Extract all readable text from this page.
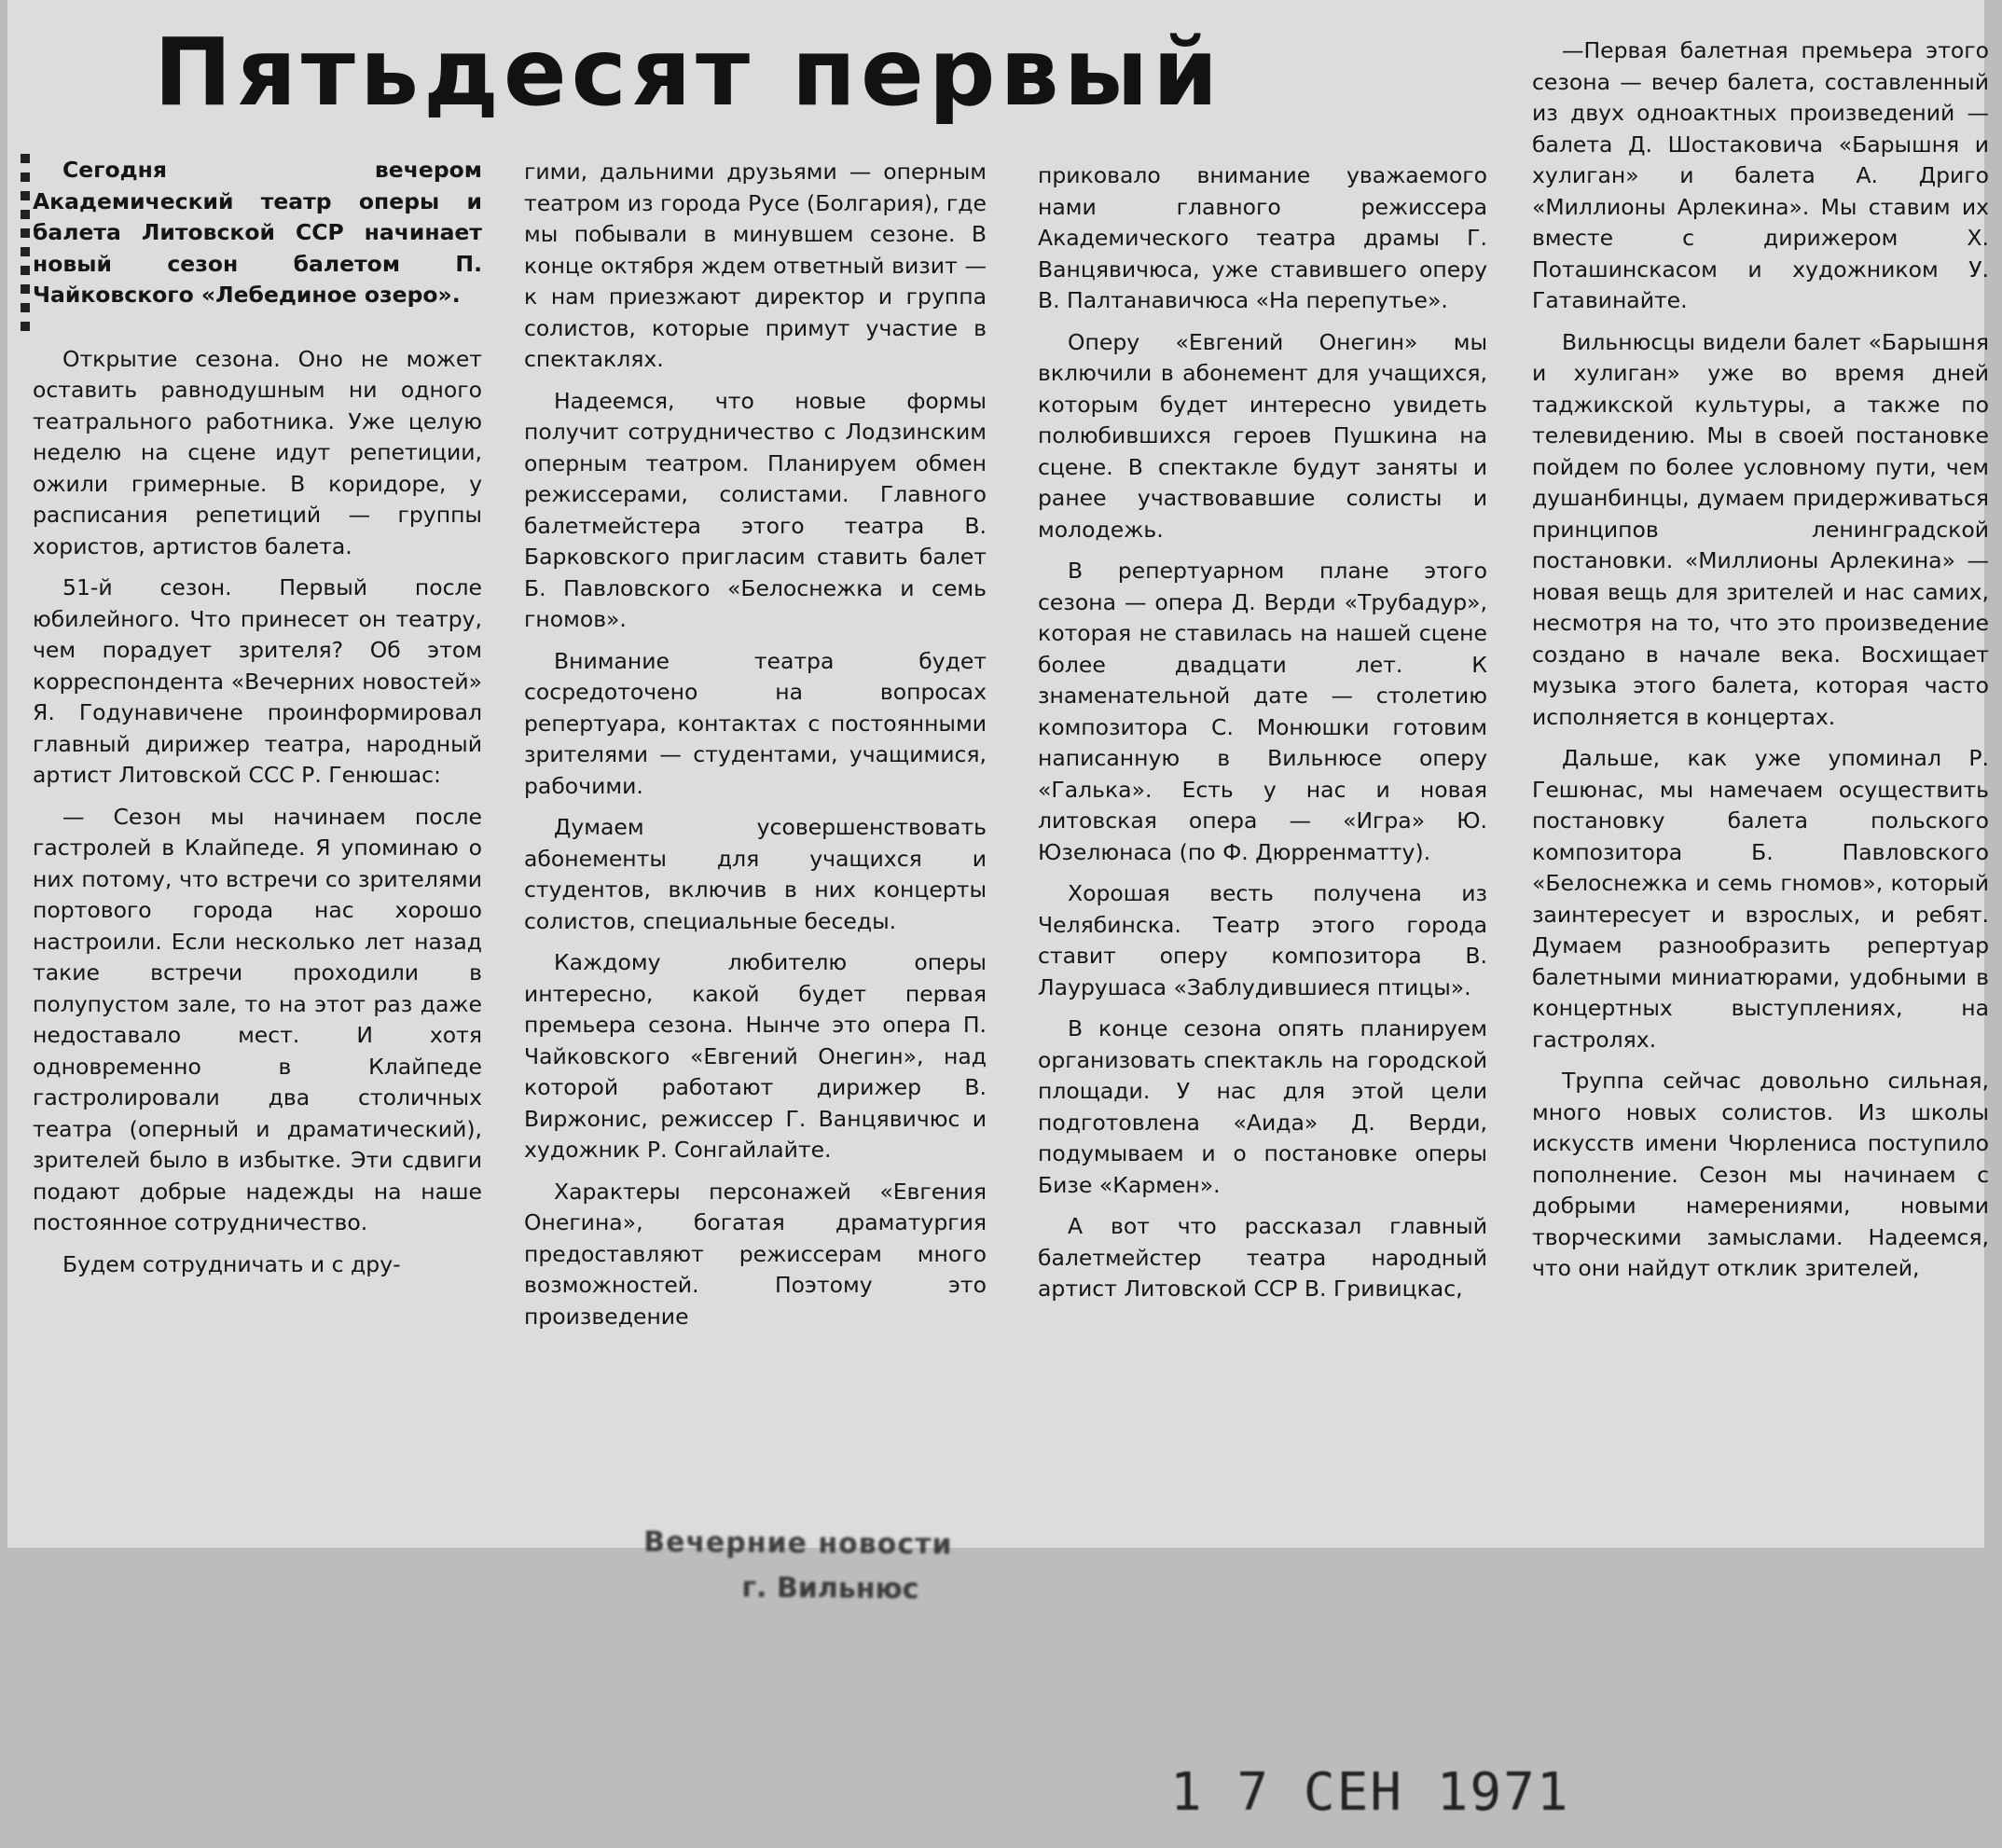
Пятьдесят первый

Сегодня вечером Академический театр оперы и балета Литовской ССР начинает новый сезон балетом П. Чайковского «Лебединое озеро».

Открытие сезона. Оно не может оставить равнодушным ни одного театрального работника. Уже целую неделю на сцене идут репетиции, ожили гримерные. В коридоре, у расписания репетиций — группы хористов, артистов балета.

51-й сезон. Первый после юбилейного. Что принесет он театру, чем порадует зрителя? Об этом корреспондента «Вечерних новостей» Я. Годунавичене проинформировал главный дирижер театра, народный артист Литовской ССС Р. Генюшас:

— Сезон мы начинаем после гастролей в Клайпеде. Я упоминаю о них потому, что встречи со зрителями портового города нас хорошо настроили. Если несколько лет назад такие встречи проходили в полупустом зале, то на этот раз даже недоставало мест. И хотя одновременно в Клайпеде гастролировали два столичных театра (оперный и драматический), зрителей было в избытке. Эти сдвиги подают добрые надежды на наше постоянное сотрудничество.

Будем сотрудничать и с дру-

гими, дальними друзьями — оперным театром из города Русе (Болгария), где мы побывали в минувшем сезоне. В конце октября ждем ответный визит — к нам приезжают директор и группа солистов, которые примут участие в спектаклях.

Надеемся, что новые формы получит сотрудничество с Лодзинским оперным театром. Планируем обмен режиссерами, солистами. Главного балетмейстера этого театра В. Барковского пригласим ставить балет Б. Павловского «Белоснежка и семь гномов».

Внимание театра будет сосредоточено на вопросах репертуара, контактах с постоянными зрителями — студентами, учащимися, рабочими.

Думаем усовершенствовать абонементы для учащихся и студентов, включив в них концерты солистов, специальные беседы.

Каждому любителю оперы интересно, какой будет первая премьера сезона. Нынче это опера П. Чайковского «Евгений Онегин», над которой работают дирижер В. Виржонис, режиссер Г. Ванцявичюс и художник Р. Сонгайлайте.

Характеры персонажей «Евгения Онегина», богатая драматургия предоставляют режиссерам много возможностей. Поэтому это произведение

приковало внимание уважаемого нами главного режиссера Академического театра драмы Г. Ванцявичюса, уже ставившего оперу В. Палтанавичюса «На перепутье».

Оперу «Евгений Онегин» мы включили в абонемент для учащихся, которым будет интересно увидеть полюбившихся героев Пушкина на сцене. В спектакле будут заняты и ранее участвовавшие солисты и молодежь.

В репертуарном плане этого сезона — опера Д. Верди «Трубадур», которая не ставилась на нашей сцене более двадцати лет. К знаменательной дате — столетию композитора С. Монюшки готовим написанную в Вильнюсе оперу «Галька». Есть у нас и новая литовская опера — «Игра» Ю. Юзелюнаса (по Ф. Дюрренматту).

Хорошая весть получена из Челябинска. Театр этого города ставит оперу композитора В. Лаурушаса «Заблудившиеся птицы».

В конце сезона опять планируем организовать спектакль на городской площади. У нас для этой цели подготовлена «Аида» Д. Верди, подумываем и о постановке оперы Бизе «Кармен».

А вот что рассказал главный балетмейстер театра народный артист Литовской ССР В. Гривицкас,

—Первая балетная премьера этого сезона — вечер балета, составленный из двух одноактных произведений — балета Д. Шостаковича «Барышня и хулиган» и балета А. Дриго «Миллионы Арлекина». Мы ставим их вместе с дирижером Х. Поташинскасом и художником У. Гатавинайте.

Вильнюсцы видели балет «Барышня и хулиган» уже во время дней таджикской культуры, а также по телевидению. Мы в своей постановке пойдем по более условному пути, чем душанбинцы, думаем придерживаться принципов ленинградской постановки. «Миллионы Арлекина» — новая вещь для зрителей и нас самих, несмотря на то, что это произведение создано в начале века. Восхищает музыка этого балета, которая часто исполняется в концертах.

Дальше, как уже упоминал Р. Гешюнас, мы намечаем осуществить постановку балета польского композитора Б. Павловского «Белоснежка и семь гномов», который заинтересует и взрослых, и ребят. Думаем разнообразить репертуар балетными миниатюрами, удобными в концертных выступлениях, на гастролях.

Труппа сейчас довольно сильная, много новых солистов. Из школы искусств имени Чюрлениса поступило пополнение. Сезон мы начинаем с добрыми намерениями, новыми творческими замыслами. Надеемся, что они найдут отклик зрителей,

Вечерние новости
г. Вильнюс
1 7 СЕН 1971
